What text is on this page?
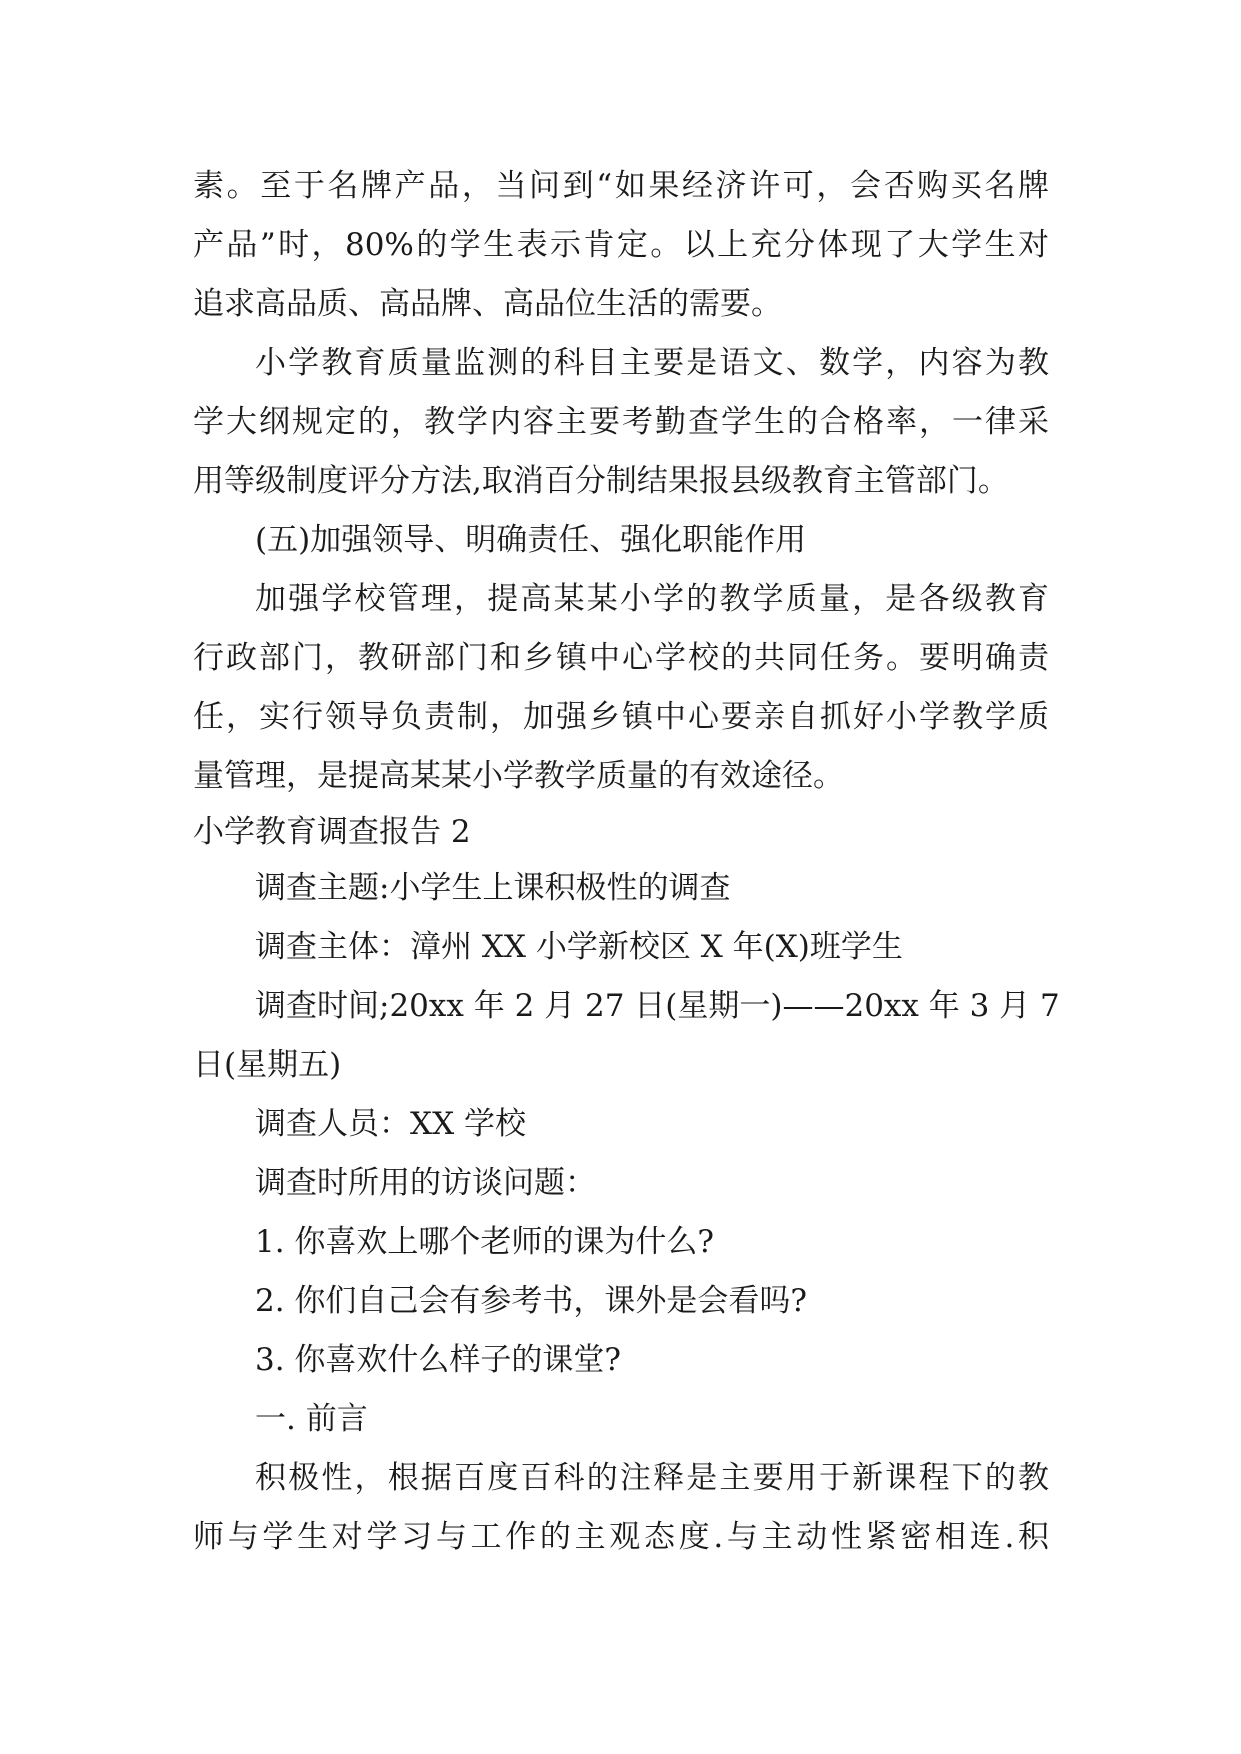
素。至于名牌产品，当问到“如果经济许可，会否购买名牌
产品”时，80%的学生表示肯定。以上充分体现了大学生对
追求高品质、高品牌、高品位生活的需要。
小学教育质量监测的科目主要是语文、数学，内容为教
学大纲规定的，教学内容主要考勤查学生的合格率，一律采
用等级制度评分方法,取消百分制结果报县级教育主管部门。
(五)加强领导、明确责任、强化职能作用
加强学校管理，提高某某小学的教学质量，是各级教育
行政部门，教研部门和乡镇中心学校的共同任务。要明确责
任，实行领导负责制，加强乡镇中心要亲自抓好小学教学质
量管理，是提高某某小学教学质量的有效途径。
小学教育调查报告 2
调查主题:小学生上课积极性的调查
调查主体：漳州 XX 小学新校区 X 年(X)班学生
调查时间;20xx 年 2 月 27 日(星期一)——20xx 年 3 月 7
日(星期五)
调查人员：XX 学校
调查时所用的访谈问题：
1. 你喜欢上哪个老师的课为什么?
2. 你们自己会有参考书，课外是会看吗?
3. 你喜欢什么样子的课堂?
一. 前言
积极性，根据百度百科的注释是主要用于新课程下的教
师与学生对学习与工作的主观态度.与主动性紧密相连.积
